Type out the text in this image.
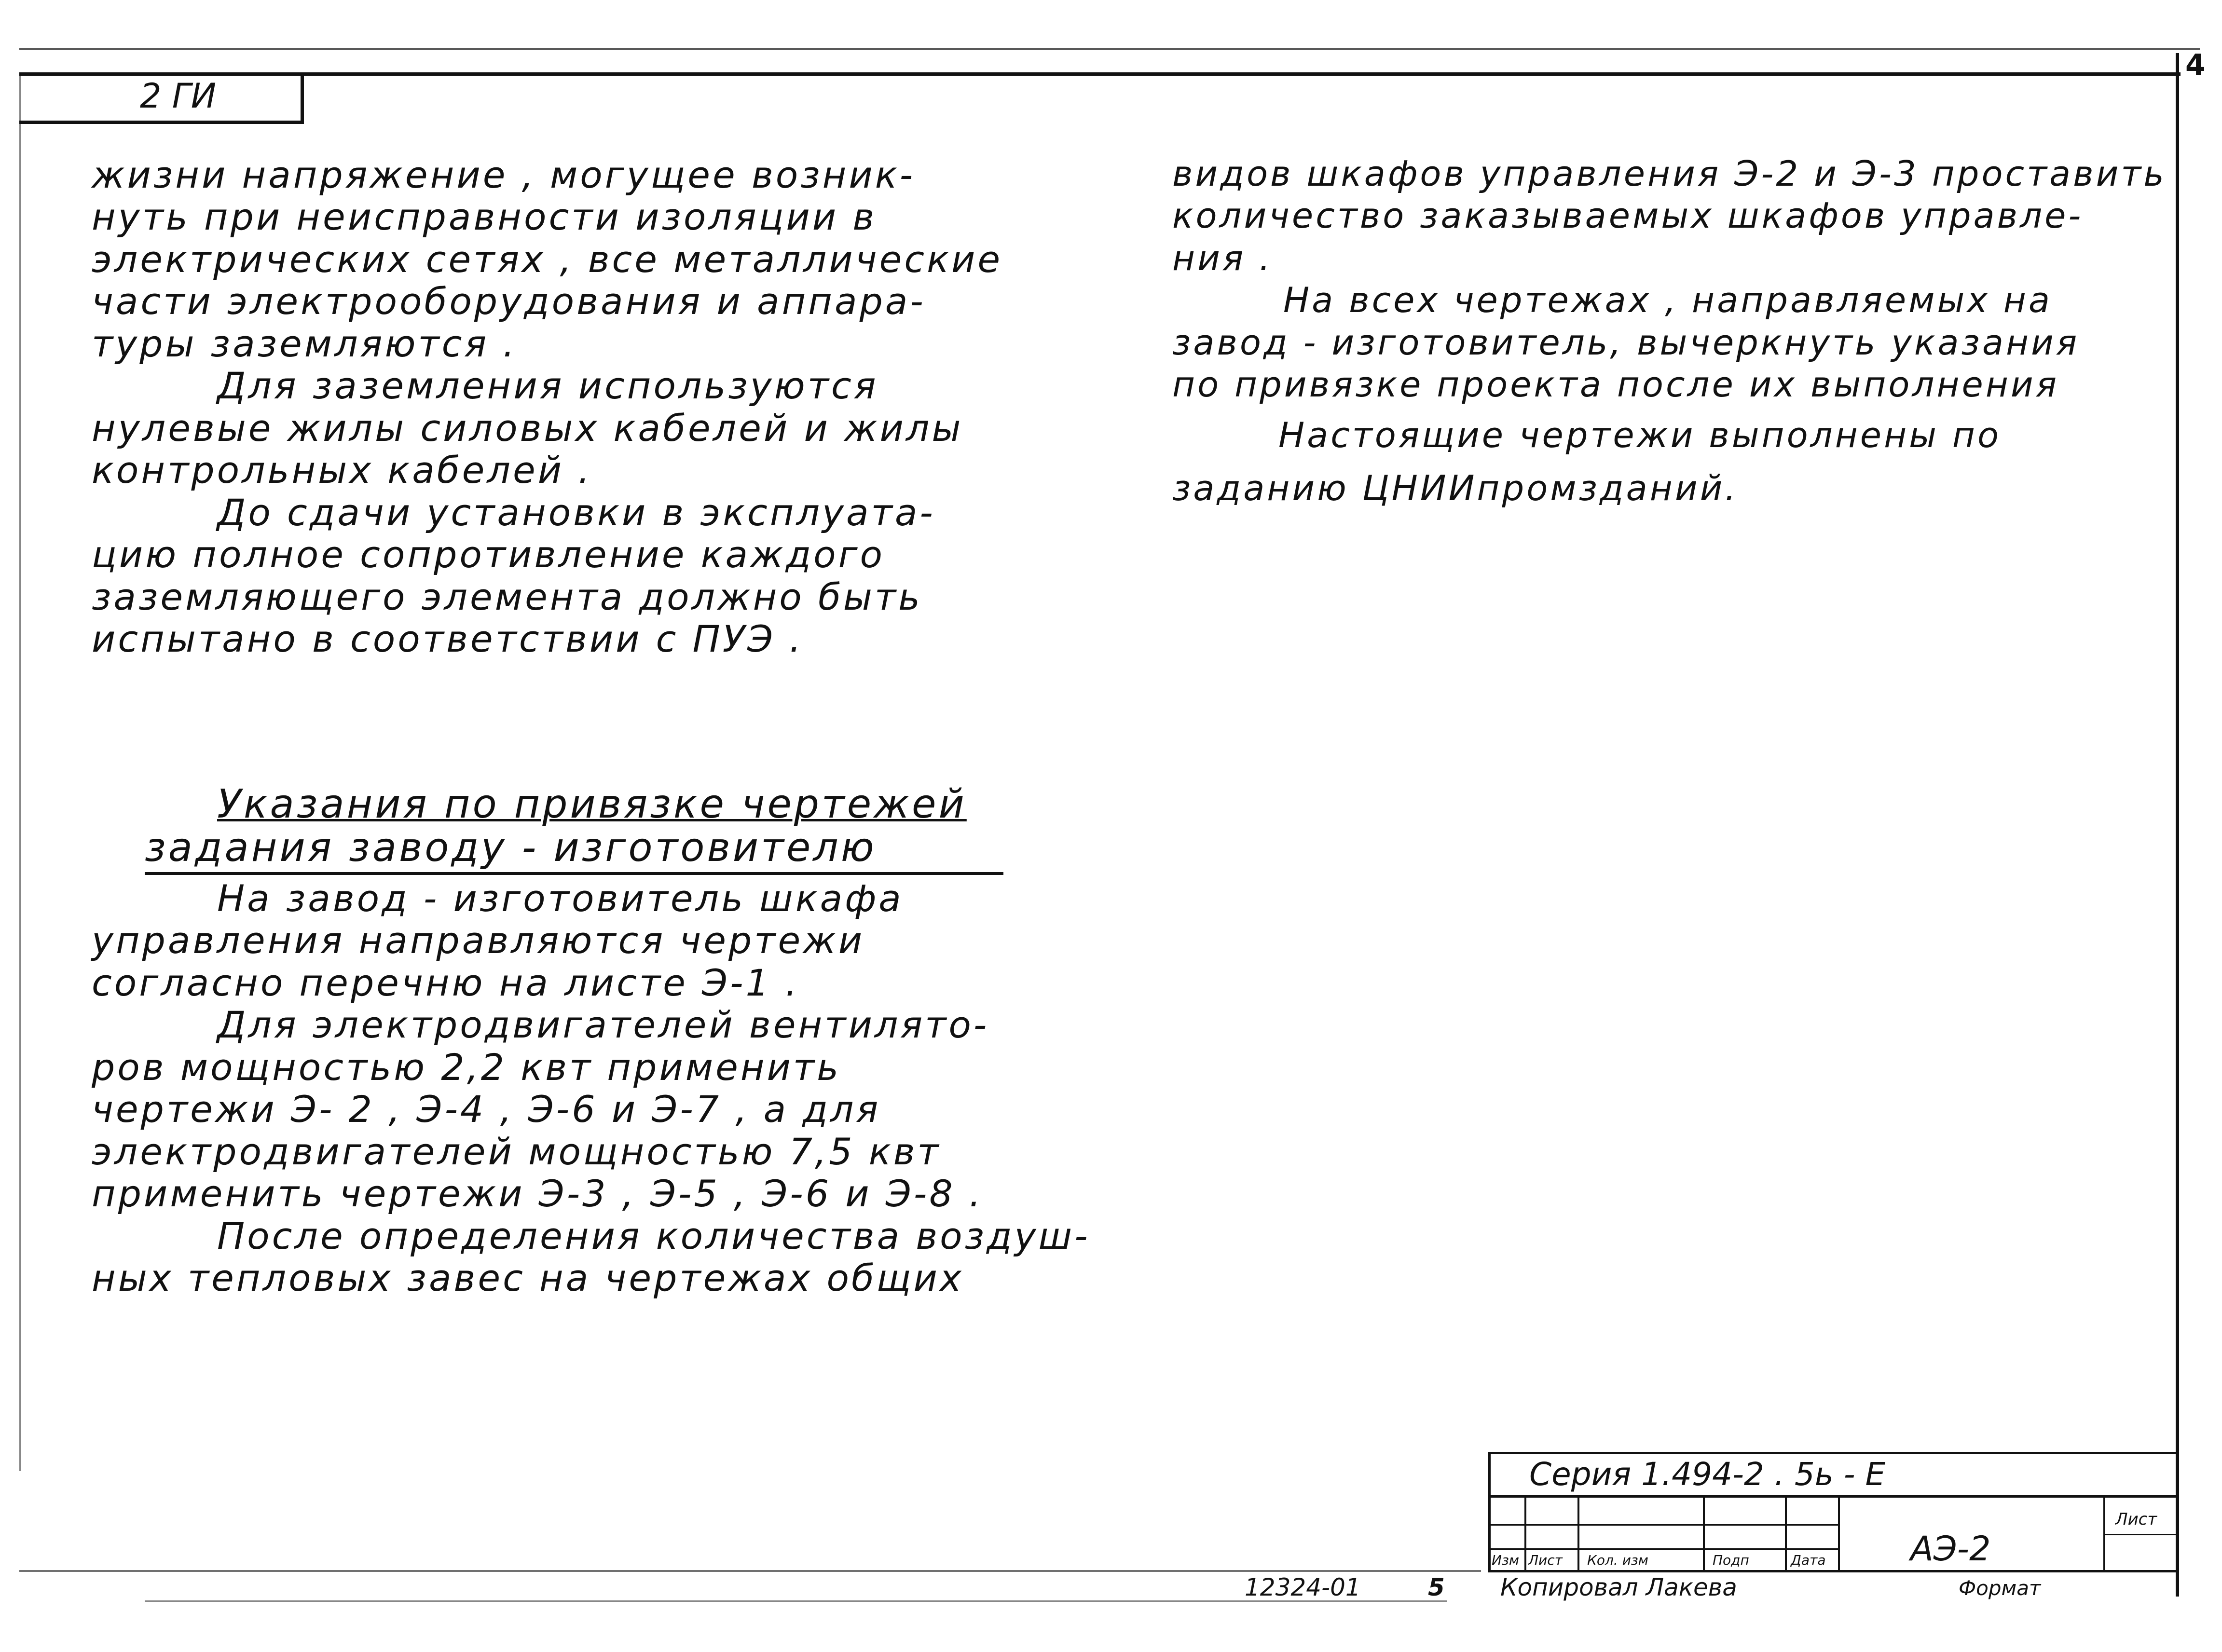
2 ГИ
4
жизни напряжение , могущее возник-
нуть при неисправности изоляции в
электрических сетях , все металлические
части электрооборудования и аппара-
туры заземляются .
Для заземления используются
нулевые жилы силовых кабелей и жилы
контрольных кабелей .
До сдачи установки в эксплуата-
цию полное сопротивление каждого
заземляющего элемента должно быть
испытано в соответствии с ПУЭ .
Указания по привязке чертежей
задания заводу - изготовителю
На завод - изготовитель шкафа
управления направляются чертежи
согласно перечню на листе Э-1 .
Для электродвигателей вентилято-
ров мощностью 2,2 квт применить
чертежи Э- 2 , Э-4 , Э-6 и Э-7 , а для
электродвигателей мощностью 7,5 квт
применить чертежи Э-3 , Э-5 , Э-6 и Э-8 .
После определения количества воздуш-
ных тепловых завес на чертежах общих
видов шкафов управления Э-2 и Э-3 проставить
количество заказываемых шкафов управле-
ния .
На всех чертежах , направляемых на
завод - изготовитель, вычеркнуть указания
по привязке проекта после их выполнения
Настоящие чертежи выполнены по
заданию ЦНИИпромзданий.
Серия 1.494-2 . 5ь - Е
Изм Лист Кол. изм	Подп	Дата	АЭ-2
Лист
12324-01	5 Копировал Лакева	Формат
